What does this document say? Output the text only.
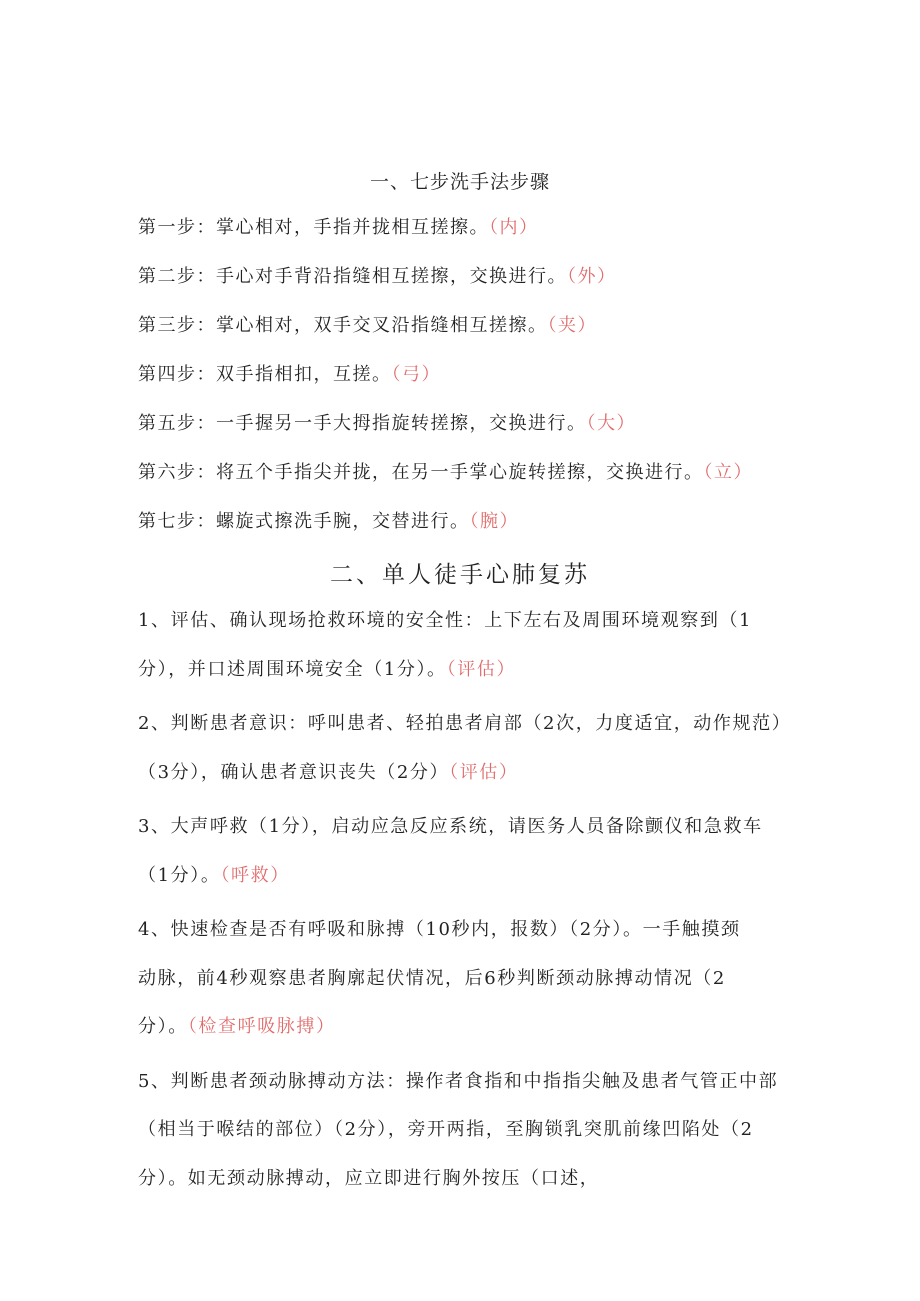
一、七步洗手法步骤
第一步：掌心相对，手指并拢相互搓擦。（内）
第二步：手心对手背沿指缝相互搓擦，交换进行。（外）
第三步：掌心相对，双手交叉沿指缝相互搓擦。（夹）
第四步：双手指相扣，互搓。（弓）
第五步：一手握另一手大拇指旋转搓擦，交换进行。（大）
第六步：将五个手指尖并拢，在另一手掌心旋转搓擦，交换进行。（立）
第七步：螺旋式擦洗手腕，交替进行。（腕）
二、单人徒手心肺复苏
1、评估、确认现场抢救环境的安全性：上下左右及周围环境观察到（1
分），并口述周围环境安全（1分）。（评估）
2、判断患者意识：呼叫患者、轻拍患者肩部（2次，力度适宜，动作规范）
（3分），确认患者意识丧失（2分）（评估）
3、大声呼救（1分），启动应急反应系统，请医务人员备除颤仪和急救车
（1分）。（呼救）
4、快速检查是否有呼吸和脉搏（10秒内，报数）（2分）。一手触摸颈
动脉，前4秒观察患者胸廓起伏情况，后6秒判断颈动脉搏动情况（2
分）。（检查呼吸脉搏）
5、判断患者颈动脉搏动方法：操作者食指和中指指尖触及患者气管正中部
（相当于喉结的部位）（2分），旁开两指，至胸锁乳突肌前缘凹陷处（2
分）。如无颈动脉搏动，应立即进行胸外按压（口述，
